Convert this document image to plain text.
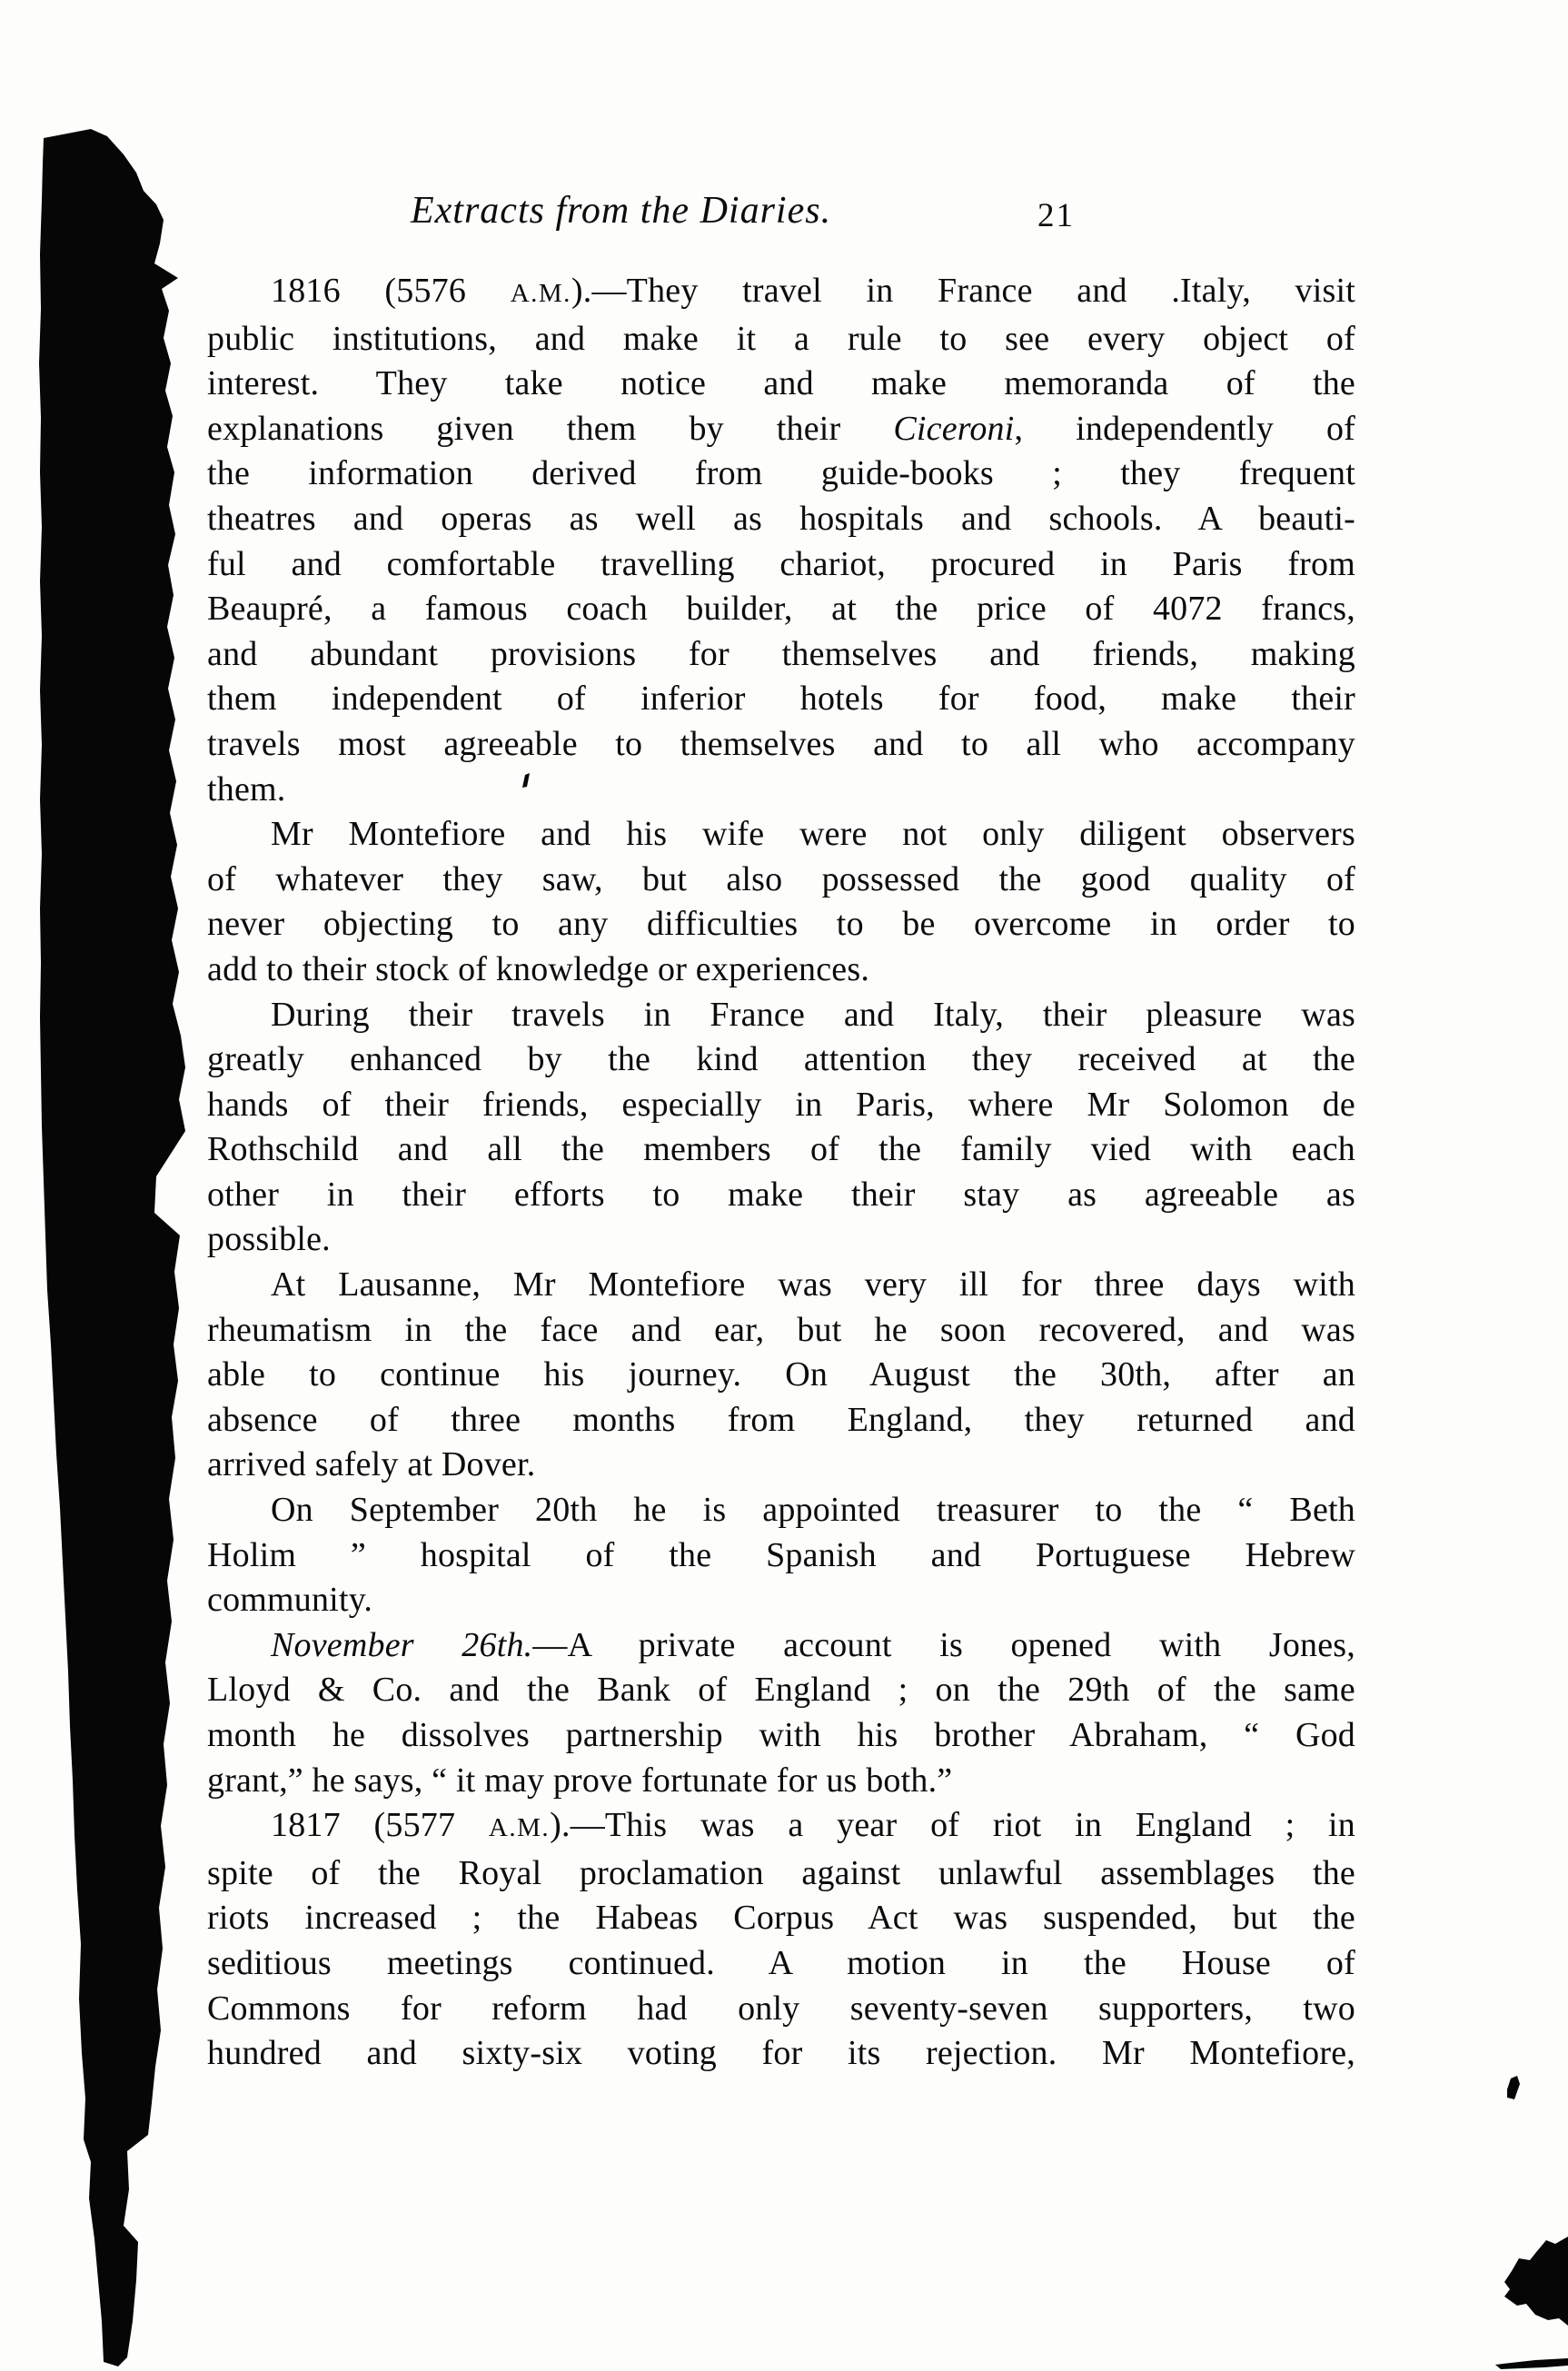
Extracts from the Diaries.	21
1816 (5576 A.M.).—They travel in France and .Italy, visit
public institutions, and make it a rule to see every object of
interest. They take notice and make memoranda of the
explanations given them by their Ciceroni, independently of
the information derived from guide-books ; they frequent
theatres and operas as well as hospitals and schools. A beauti-
ful and comfortable travelling chariot, procured in Paris from
Beaupré, a famous coach builder, at the price of 4072 francs,
and abundant provisions for themselves and friends, making
them independent of inferior hotels for food, make their
travels most agreeable to themselves and to all who accompany
them.
Mr Montefiore and his wife were not only diligent observers
of whatever they saw, but also possessed the good quality of
never objecting to any difficulties to be overcome in order to
add to their stock of knowledge or experiences.
During their travels in France and Italy, their pleasure was
greatly enhanced by the kind attention they received at the
hands of their friends, especially in Paris, where Mr Solomon de
Rothschild and all the members of the family vied with each
other in their efforts to make their stay as agreeable as
possible.
At Lausanne, Mr Montefiore was very ill for three days with
rheumatism in the face and ear, but he soon recovered, and was
able to continue his journey. On August the 30th, after an
absence of three months from England, they returned and
arrived safely at Dover.
On September 20th he is appointed treasurer to the “ Beth
Holim ” hospital of the Spanish and Portuguese Hebrew
community.
November 26th.—A private account is opened with Jones,
Lloyd & Co. and the Bank of England ; on the 29th of the same
month he dissolves partnership with his brother Abraham, “ God
grant,” he says, “ it may prove fortunate for us both.”
1817 (5577 A.M.).—This was a year of riot in England ; in
spite of the Royal proclamation against unlawful assemblages the
riots increased ; the Habeas Corpus Act was suspended, but the
seditious meetings continued. A motion in the House of
Commons for reform had only seventy-seven supporters, two
hundred and sixty-six voting for its rejection. Mr Montefiore,
